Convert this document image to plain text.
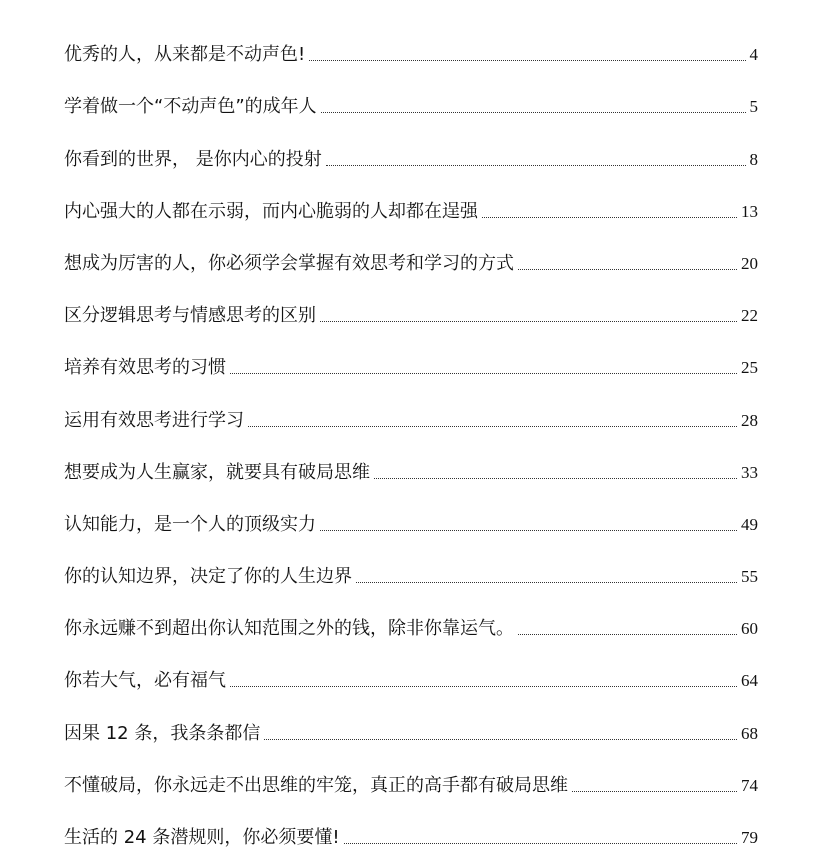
优秀的人，从来都是不动声色!	4
学着做一个“不动声色”的成年人	5
你看到的世界， 是你内心的投射	8
内心强大的人都在示弱，而内心脆弱的人却都在逞强	13
想成为厉害的人，你必须学会掌握有效思考和学习的方式	20
区分逻辑思考与情感思考的区别	22
培养有效思考的习惯	25
运用有效思考进行学习	28
想要成为人生赢家，就要具有破局思维	33
认知能力，是一个人的顶级实力	49
你的认知边界，决定了你的人生边界	55
你永远赚不到超出你认知范围之外的钱，除非你靠运气。	60
你若大气，必有福气	64
因果 12 条，我条条都信	68
不懂破局，你永远走不出思维的牢笼，真正的高手都有破局思维	74
生活的 24 条潜规则，你必须要懂!	79
